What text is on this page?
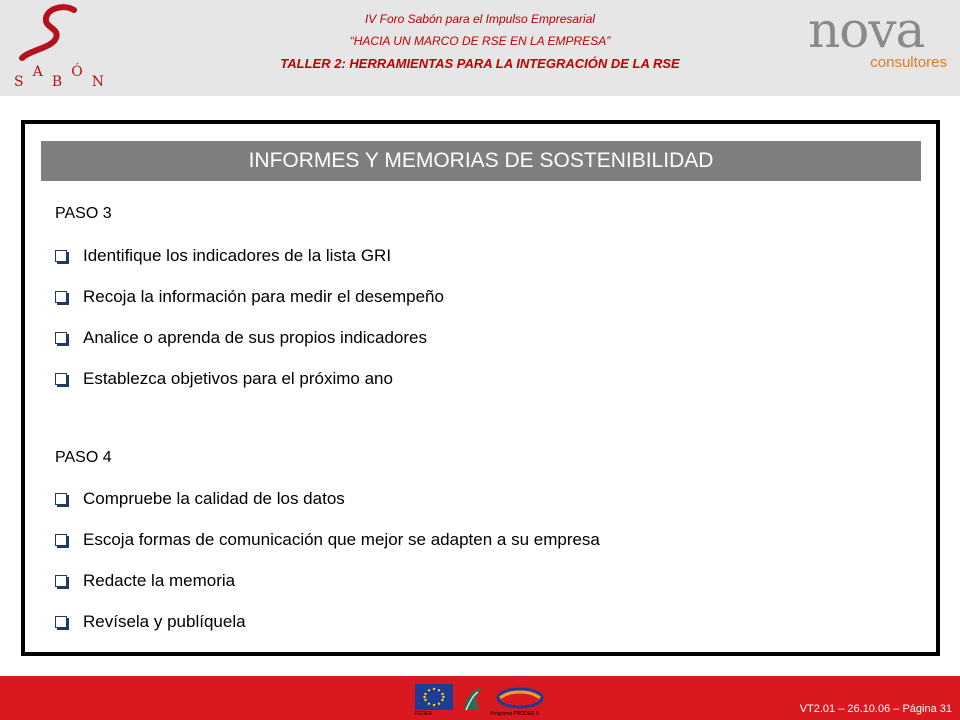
S
A
B
Ó
N
IV Foro Sabón para el Impulso Empresarial
“HACIA UN MARCO DE RSE EN LA EMPRESA”
TALLER 2: HERRAMIENTAS PARA LA INTEGRACIÓN DE LA RSE
nova
consultores
INFORMES Y MEMORIAS DE SOSTENIBILIDAD
PASO 3
Identifique los indicadores de la lista GRI
Recoja la información para medir el desempeño
Analice o aprenda de sus propios indicadores
Establezca objetivos para el próximo ano
PASO 4
Compruebe la calidad de los datos
Escoja formas de comunicación que mejor se adapten a su empresa
Redacte la memoria
Revísela y publíquela
FEDER	Programa PRODER II	VT2.01 – 26.10.06 – Página 31
